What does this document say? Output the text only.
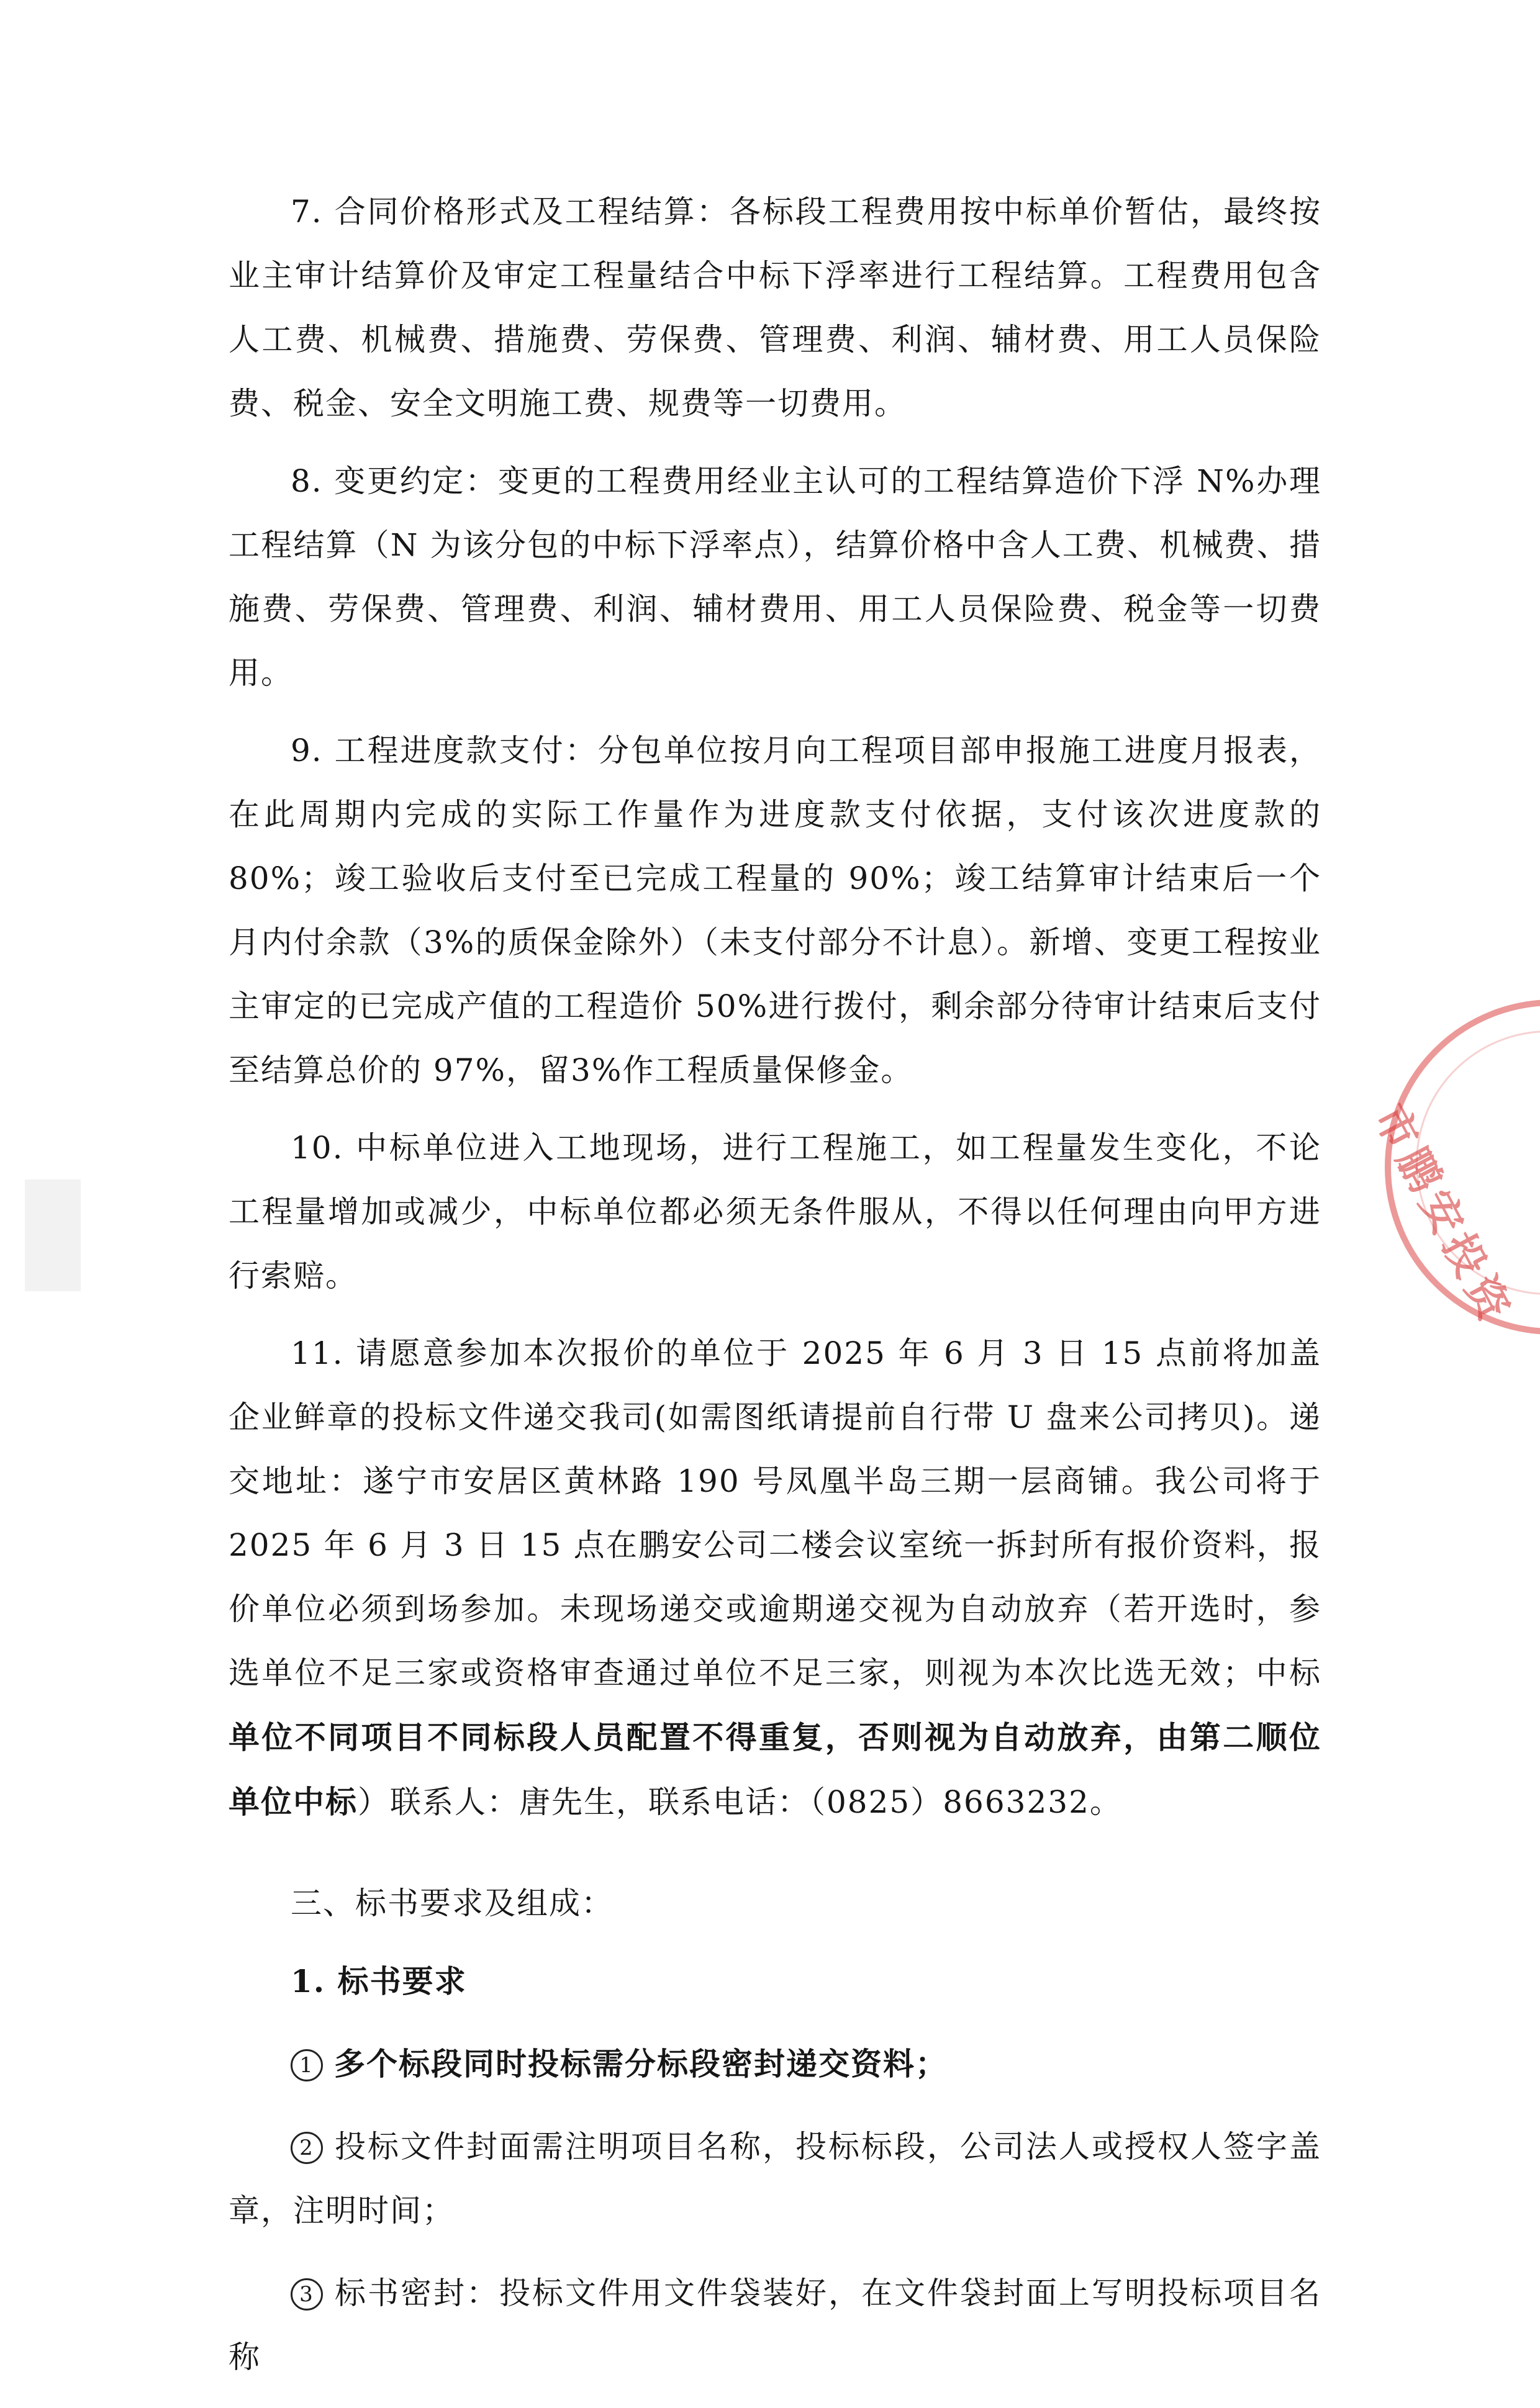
7. 合同价格形式及工程结算：各标段工程费用按中标单价暂估，最终按业主审计结算价及审定工程量结合中标下浮率进行工程结算。工程费用包含人工费、机械费、措施费、劳保费、管理费、利润、辅材费、用工人员保险费、税金、安全文明施工费、规费等一切费用。

8. 变更约定：变更的工程费用经业主认可的工程结算造价下浮 N%办理工程结算（N 为该分包的中标下浮率点），结算价格中含人工费、机械费、措施费、劳保费、管理费、利润、辅材费用、用工人员保险费、税金等一切费用。

9. 工程进度款支付：分包单位按月向工程项目部申报施工进度月报表，在此周期内完成的实际工作量作为进度款支付依据，支付该次进度款的 80%；竣工验收后支付至已完成工程量的 90%；竣工结算审计结束后一个月内付余款（3%的质保金除外）（未支付部分不计息）。新增、变更工程按业主审定的已完成产值的工程造价 50%进行拨付，剩余部分待审计结束后支付至结算总价的 97%，留3%作工程质量保修金。

10. 中标单位进入工地现场，进行工程施工，如工程量发生变化，不论工程量增加或减少，中标单位都必须无条件服从，不得以任何理由向甲方进行索赔。

11. 请愿意参加本次报价的单位于 2025 年 6 月 3 日 15 点前将加盖企业鲜章的投标文件递交我司(如需图纸请提前自行带 U 盘来公司拷贝)。递交地址：遂宁市安居区黄林路 190 号凤凰半岛三期一层商铺。我公司将于 2025 年 6 月 3 日 15 点在鹏安公司二楼会议室统一拆封所有报价资料，报价单位必须到场参加。未现场递交或逾期递交视为自动放弃（若开选时，参选单位不足三家或资格审查通过单位不足三家，则视为本次比选无效；中标单位不同项目不同标段人员配置不得重复，否则视为自动放弃，由第二顺位单位中标）联系人：唐先生，联系电话：（0825）8663232。

三、标书要求及组成：

1. 标书要求

1 多个标段同时投标需分标段密封递交资料；

2 投标文件封面需注明项目名称，投标标段，公司法人或授权人签字盖章，注明时间；

3 标书密封：投标文件用文件袋装好，在文件袋封面上写明投标项目名称

市鹏安投资
